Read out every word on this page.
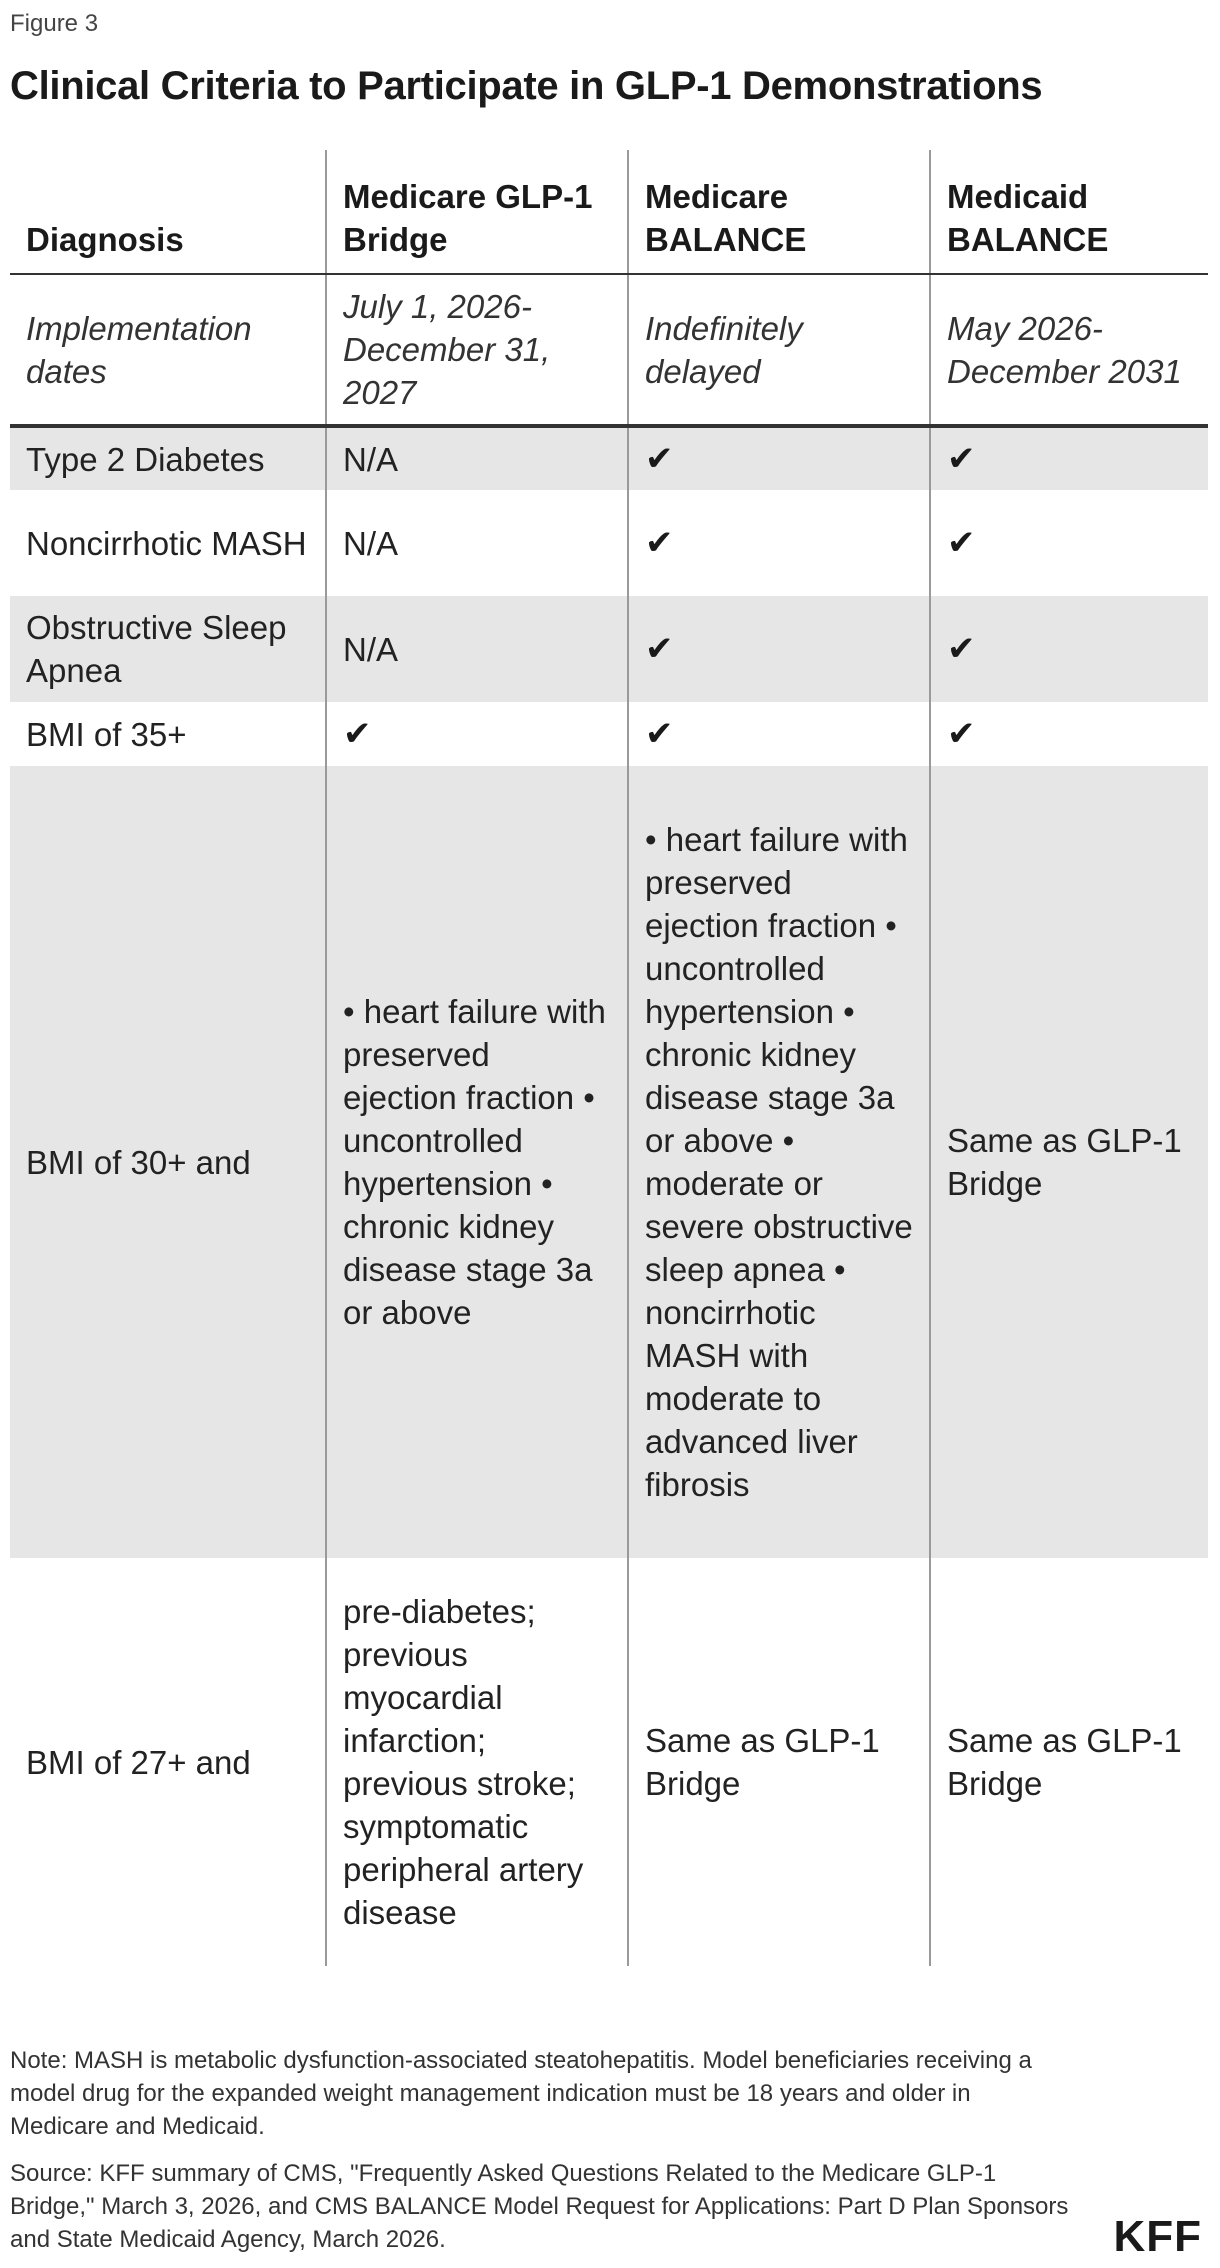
Figure 3
Clinical Criteria to Participate in GLP-1 Demonstrations
Diagnosis	Medicare GLP-1 Bridge	Medicare BALANCE	Medicaid BALANCE
Implementation dates	July 1, 2026-December 31, 2027	Indefinitely delayed	May 2026-December 2031
Type 2 Diabetes	N/A	✔	✔
Noncirrhotic MASH	N/A	✔	✔
Obstructive Sleep Apnea	N/A	✔	✔
BMI of 35+	✔	✔	✔
BMI of 30+ and	• heart failure with preserved ejection fraction • uncontrolled hypertension • chronic kidney disease stage 3a or above	• heart failure with preserved ejection fraction • uncontrolled hypertension • chronic kidney disease stage 3a or above • moderate or severe obstructive sleep apnea • noncirrhotic MASH with moderate to advanced liver fibrosis	Same as GLP-1 Bridge
BMI of 27+ and	pre-diabetes; previous myocardial infarction; previous stroke; symptomatic peripheral artery disease	Same as GLP-1 Bridge	Same as GLP-1 Bridge
Note: MASH is metabolic dysfunction-associated steatohepatitis. Model beneficiaries receiving a model drug for the expanded weight management indication must be 18 years and older in Medicare and Medicaid.
Source: KFF summary of CMS, "Frequently Asked Questions Related to the Medicare GLP-1 Bridge," March 3, 2026, and CMS BALANCE Model Request for Applications: Part D Plan Sponsors and State Medicaid Agency, March 2026.	KFF
